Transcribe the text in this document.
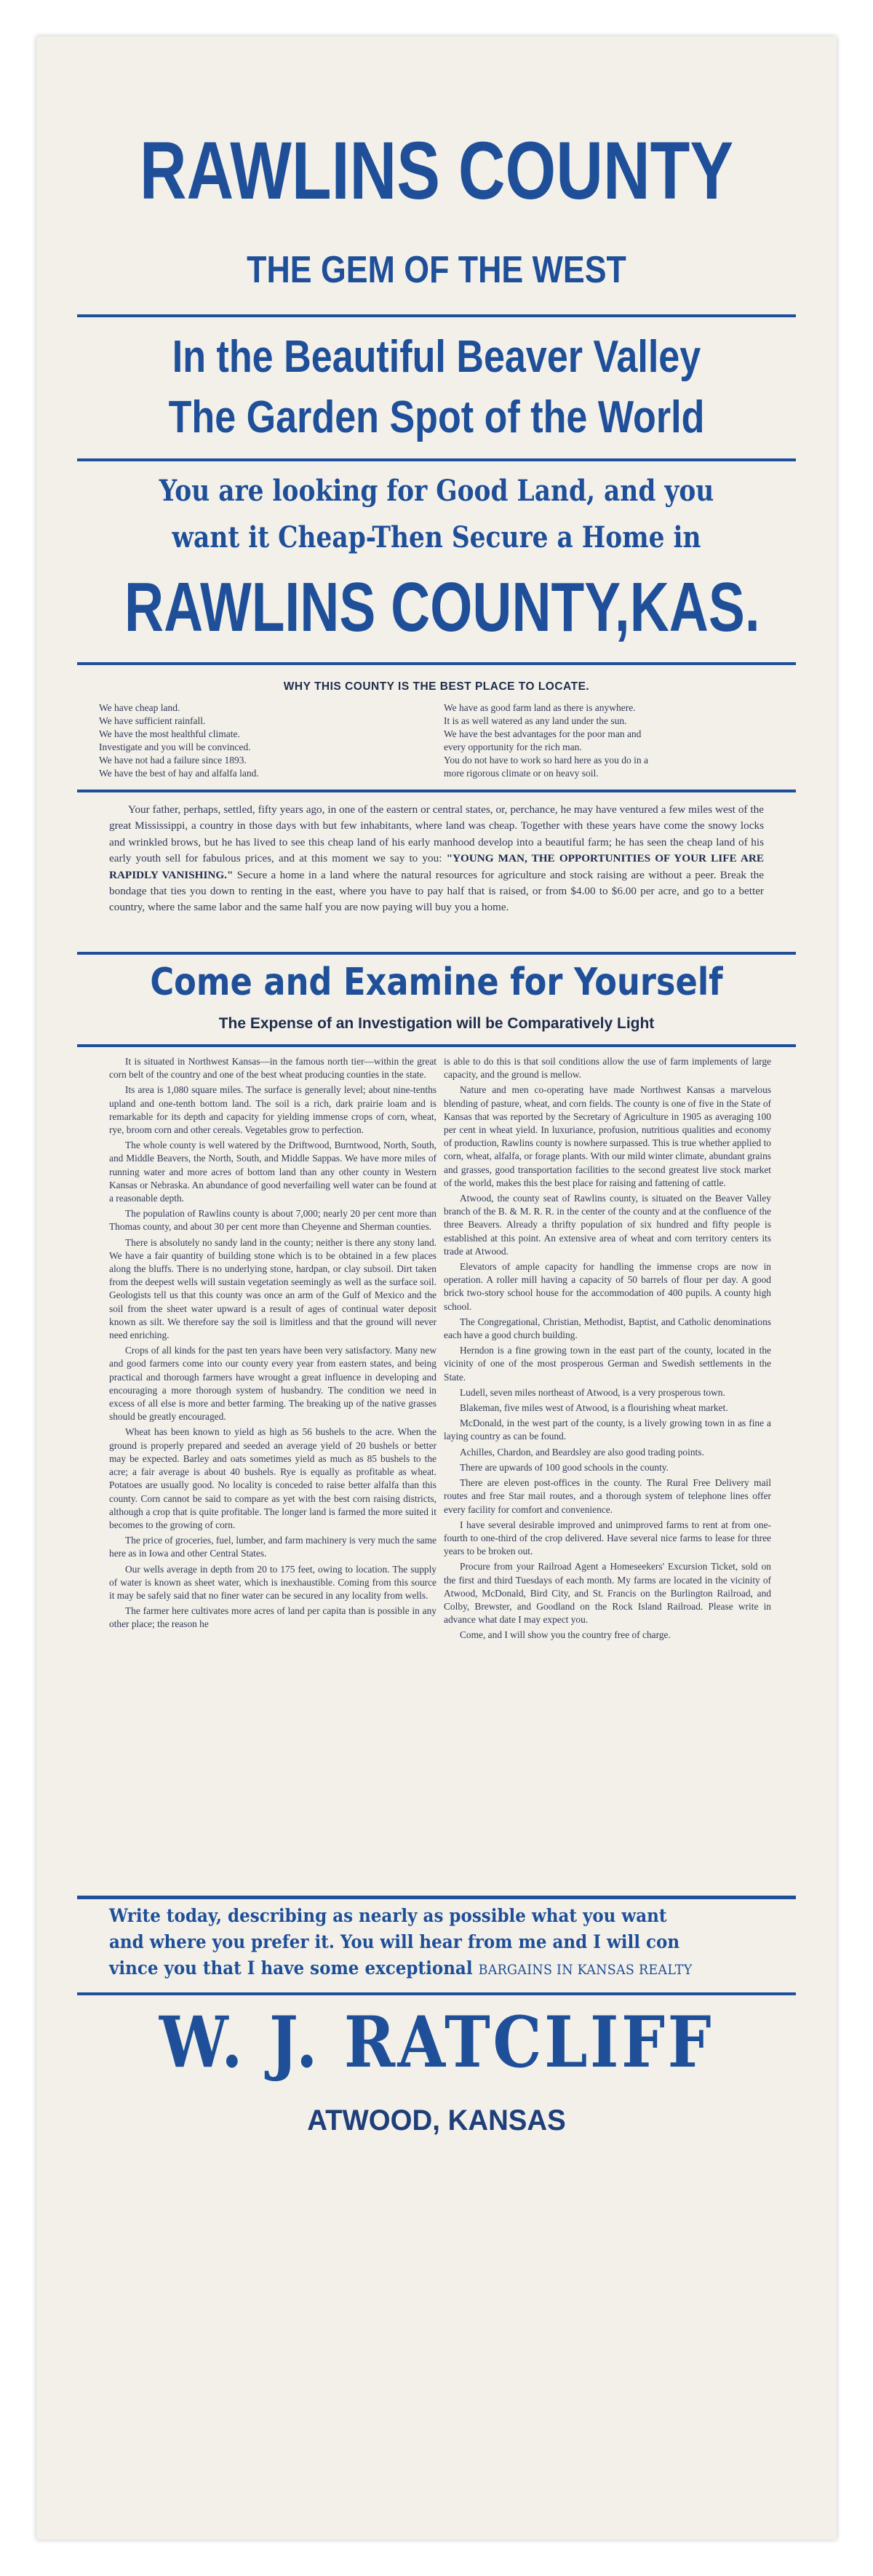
RAWLINS COUNTY
THE GEM OF THE WEST
In the Beautiful Beaver Valley
The Garden Spot of the World
You are looking for Good Land, and you
want it Cheap-Then Secure a Home in
RAWLINS COUNTY,KAS.
WHY THIS COUNTY IS THE BEST PLACE TO LOCATE.
We have cheap land.
We have sufficient rainfall.
We have the most healthful climate.
Investigate and you will be convinced.
We have not had a failure since 1893.
We have the best of hay and alfalfa land.
We have as good farm land as there is anywhere.
It is as well watered as any land under the sun.
We have the best advantages for the poor man and
every opportunity for the rich man.
You do not have to work so hard here as you do in a
more rigorous climate or on heavy soil.

Your father, perhaps, settled, fifty years ago, in one of the eastern or central states, or, perchance, he may have ventured a few miles west of the great Mississippi, a country in those days with but few inhabitants, where land was cheap. Together with these years have come the snowy locks and wrinkled brows, but he has lived to see this cheap land of his early manhood develop into a beautiful farm; he has seen the cheap land of his early youth sell for fabulous prices, and at this moment we say to you: "YOUNG MAN, THE OPPORTUNITIES OF YOUR LIFE ARE RAPIDLY VANISHING." Secure a home in a land where the natural resources for agriculture and stock raising are without a peer. Break the bondage that ties you down to renting in the east, where you have to pay half that is raised, or from $4.00 to $6.00 per acre, and go to a better country, where the same labor and the same half you are now paying will buy you a home.

Come and Examine for Yourself
The Expense of an Investigation will be Comparatively Light

It is situated in Northwest Kansas—in the famous north tier—within the great corn belt of the country and one of the best wheat producing counties in the state.

Its area is 1,080 square miles. The surface is generally level; about nine-tenths upland and one-tenth bottom land. The soil is a rich, dark prairie loam and is remarkable for its depth and capacity for yielding immense crops of corn, wheat, rye, broom corn and other cereals. Vegetables grow to perfection.

The whole county is well watered by the Driftwood, Burntwood, North, South, and Middle Beavers, the North, South, and Middle Sappas. We have more miles of running water and more acres of bottom land than any other county in Western Kansas or Nebraska. An abundance of good neverfailing well water can be found at a reasonable depth.

The population of Rawlins county is about 7,000; nearly 20 per cent more than Thomas county, and about 30 per cent more than Cheyenne and Sherman counties.

There is absolutely no sandy land in the county; neither is there any stony land. We have a fair quantity of building stone which is to be obtained in a few places along the bluffs. There is no underlying stone, hardpan, or clay subsoil. Dirt taken from the deepest wells will sustain vegetation seemingly as well as the surface soil. Geologists tell us that this county was once an arm of the Gulf of Mexico and the soil from the sheet water upward is a result of ages of continual water deposit known as silt. We therefore say the soil is limitless and that the ground will never need enriching.

Crops of all kinds for the past ten years have been very satisfactory. Many new and good farmers come into our county every year from eastern states, and being practical and thorough farmers have wrought a great influence in developing and encouraging a more thorough system of husbandry. The condition we need in excess of all else is more and better farming. The breaking up of the native grasses should be greatly encouraged.

Wheat has been known to yield as high as 56 bushels to the acre. When the ground is properly prepared and seeded an average yield of 20 bushels or better may be expected. Barley and oats sometimes yield as much as 85 bushels to the acre; a fair average is about 40 bushels. Rye is equally as profitable as wheat. Potatoes are usually good. No locality is conceded to raise better alfalfa than this county. Corn cannot be said to compare as yet with the best corn raising districts, although a crop that is quite profitable. The longer land is farmed the more suited it becomes to the growing of corn.

The price of groceries, fuel, lumber, and farm machinery is very much the same here as in Iowa and other Central States.

Our wells average in depth from 20 to 175 feet, owing to location. The supply of water is known as sheet water, which is inexhaustible. Coming from this source it may be safely said that no finer water can be secured in any locality from wells.

The farmer here cultivates more acres of land per capita than is possible in any other place; the reason he

is able to do this is that soil conditions allow the use of farm implements of large capacity, and the ground is mellow.

Nature and men co-operating have made Northwest Kansas a marvelous blending of pasture, wheat, and corn fields. The county is one of five in the State of Kansas that was reported by the Secretary of Agriculture in 1905 as averaging 100 per cent in wheat yield. In luxuriance, profusion, nutritious qualities and economy of production, Rawlins county is nowhere surpassed. This is true whether applied to corn, wheat, alfalfa, or forage plants. With our mild winter climate, abundant grains and grasses, good transportation facilities to the second greatest live stock market of the world, makes this the best place for raising and fattening of cattle.

Atwood, the county seat of Rawlins county, is situated on the Beaver Valley branch of the B. & M. R. R. in the center of the county and at the confluence of the three Beavers. Already a thrifty population of six hundred and fifty people is established at this point. An extensive area of wheat and corn territory centers its trade at Atwood.

Elevators of ample capacity for handling the immense crops are now in operation. A roller mill having a capacity of 50 barrels of flour per day. A good brick two-story school house for the accommodation of 400 pupils. A county high school.

The Congregational, Christian, Methodist, Baptist, and Catholic denominations each have a good church building.

Herndon is a fine growing town in the east part of the county, located in the vicinity of one of the most prosperous German and Swedish settlements in the State.

Ludell, seven miles northeast of Atwood, is a very prosperous town.

Blakeman, five miles west of Atwood, is a flourishing wheat market.

McDonald, in the west part of the county, is a lively growing town in as fine a laying country as can be found.

Achilles, Chardon, and Beardsley are also good trading points.

There are upwards of 100 good schools in the county.

There are eleven post-offices in the county. The Rural Free Delivery mail routes and free Star mail routes, and a thorough system of telephone lines offer every facility for comfort and convenience.

I have several desirable improved and unimproved farms to rent at from one-fourth to one-third of the crop delivered. Have several nice farms to lease for three years to be broken out.

Procure from your Railroad Agent a Homeseekers' Excursion Ticket, sold on the first and third Tuesdays of each month. My farms are located in the vicinity of Atwood, McDonald, Bird City, and St. Francis on the Burlington Railroad, and Colby, Brewster, and Goodland on the Rock Island Railroad. Please write in advance what date I may expect you.

Come, and I will show you the country free of charge.

Write today, describing as nearly as possible what you want
and where you prefer it. You will hear from me and I will con
vince you that I have some exceptional BARGAINS IN KANSAS REALTY
W. J. RATCLIFF
ATWOOD, KANSAS
